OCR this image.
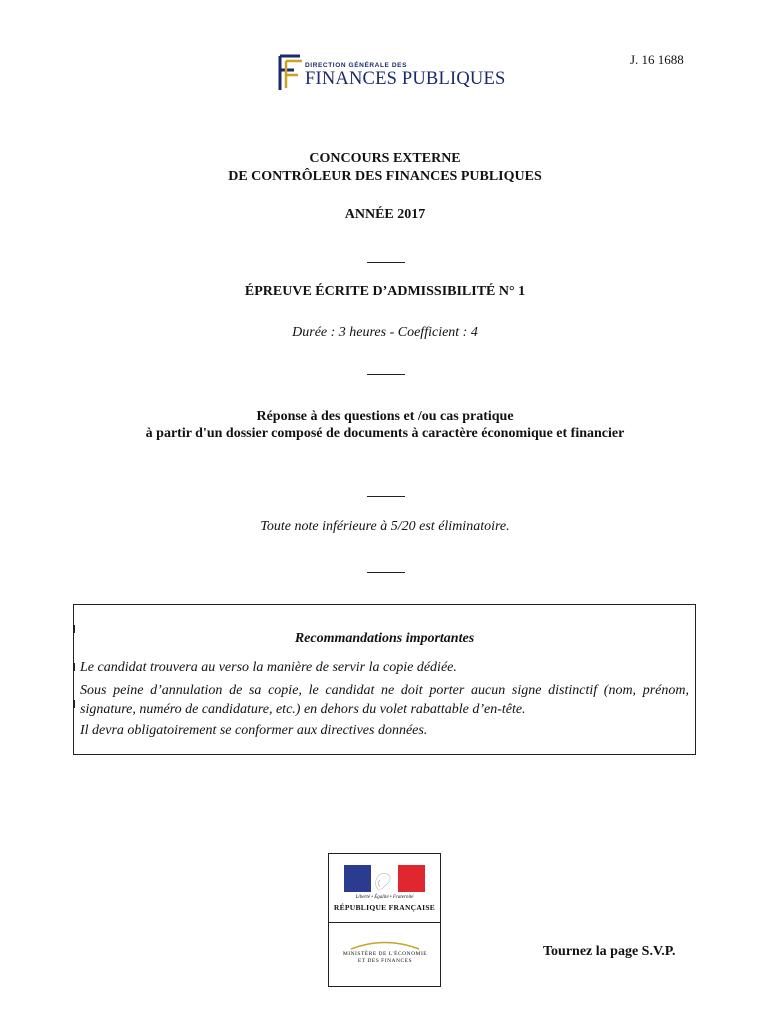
J. 16 1688
DIRECTION GÉNÉRALE DES
FINANCES PUBLIQUES
CONCOURS EXTERNE
DE CONTRÔLEUR DES FINANCES PUBLIQUES
ANNÉE 2017
ÉPREUVE ÉCRITE D’ADMISSIBILITÉ N° 1
Durée : 3 heures - Coefficient : 4
Réponse à des questions et /ou cas pratique
à partir d'un dossier composé de documents à caractère économique et financier
Toute note inférieure à 5/20 est éliminatoire.
Recommandations importantes
Le candidat trouvera au verso la manière de servir la copie dédiée.
Sous peine d’annulation de sa copie, le candidat ne doit porter aucun signe distinctif (nom, prénom, signature, numéro de candidature, etc.) en dehors du volet rabattable d’en-tête.
Il devra obligatoirement se conformer aux directives données.
Liberté • Égalité • Fraternité
RÉPUBLIQUE FRANÇAISE
MINISTÈRE DE L'ÉCONOMIE
ET DES FINANCES
Tournez la page S.V.P.
